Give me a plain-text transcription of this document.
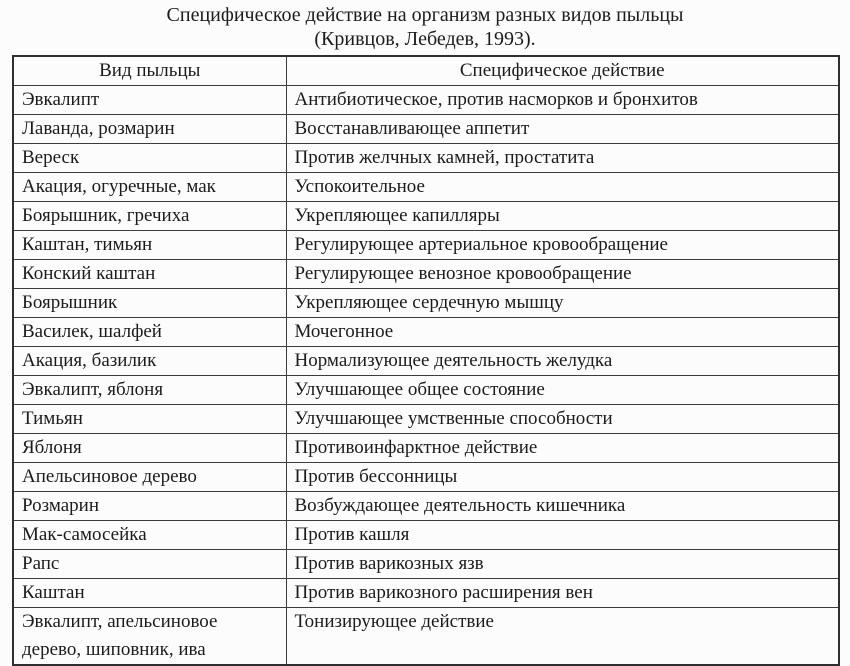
Специфическое действие на организм разных видов пыльцы
(Кривцов, Лебедев, 1993).
Вид пыльцы	Специфическое действие
Эвкалипт	Антибиотическое, против насморков и бронхитов
Лаванда, розмарин	Восстанавливающее аппетит
Вереск	Против желчных камней, простатита
Акация, огуречные, мак	Успокоительное
Боярышник, гречиха	Укрепляющее капилляры
Каштан, тимьян	Регулирующее артериальное кровообращение
Конский каштан	Регулирующее венозное кровообращение
Боярышник	Укрепляющее сердечную мышцу
Василек, шалфей	Мочегонное
Акация, базилик	Нормализующее деятельность желудка
Эвкалипт, яблоня	Улучшающее общее состояние
Тимьян	Улучшающее умственные способности
Яблоня	Противоинфарктное действие
Апельсиновое дерево	Против бессонницы
Розмарин	Возбуждающее деятельность кишечника
Мак-самосейка	Против кашля
Рапс	Против варикозных язв
Каштан	Против варикозного расширения вен
Эвкалипт, апельсиновое дерево, шиповник, ива	Тонизирующее действие
